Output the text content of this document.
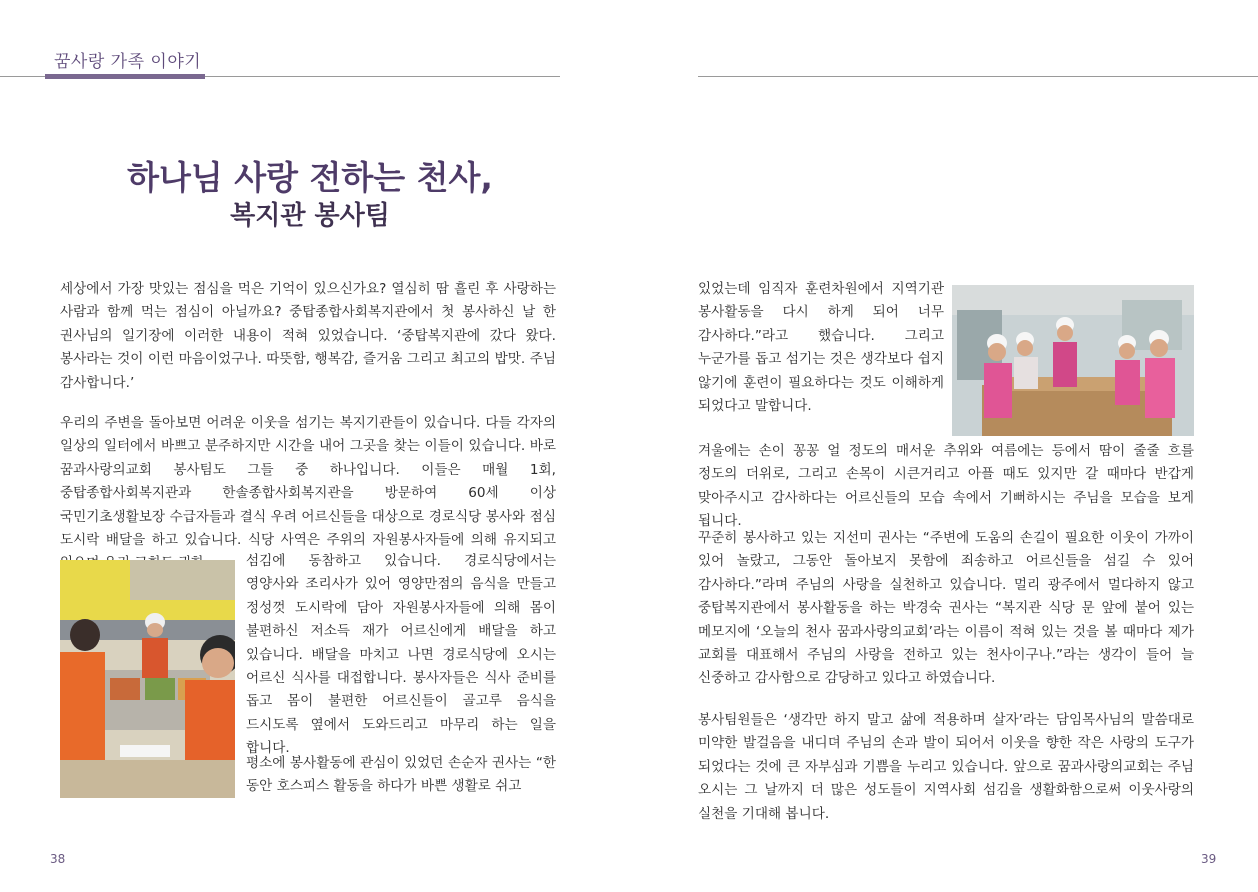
꿈사랑 가족 이야기
하나님 사랑 전하는 천사,
복지관 봉사팀

세상에서 가장 맛있는 점심을 먹은 기억이 있으신가요? 열심히 땀 흘린 후 사랑하는 사람과 함께 먹는 점심이 아닐까요? 중탑종합사회복지관에서 첫 봉사하신 날 한 권사님의 일기장에 이러한 내용이 적혀 있었습니다. ‘중탑복지관에 갔다 왔다. 봉사라는 것이 이런 마음이었구나. 따뜻함, 행복감, 즐거움 그리고 최고의 밥맛. 주님 감사합니다.’

우리의 주변을 돌아보면 어려운 이웃을 섬기는 복지기관들이 있습니다. 다들 각자의 일상의 일터에서 바쁘고 분주하지만 시간을 내어 그곳을 찾는 이들이 있습니다. 바로 꿈과사랑의교회 봉사팀도 그들 중 하나입니다. 이들은 매월 1회, 중탑종합사회복지관과 한솔종합사회복지관을 방문하여 60세 이상 국민기초생활보장 수급자들과 결식 우려 어르신들을 대상으로 경로식당 봉사와 점심 도시락 배달을 하고 있습니다. 식당 사역은 주위의 자원봉사자들에 의해 유지되고

섬김에 동참하고 있습니다. 경로식당에서는 영양사와 조리사가 있어 영양만점의 음식을 만들고 정성껏 도시락에 담아 자원봉사자들에 의해 몸이 불편하신 저소득 재가 어르신에게 배달을 하고 있습니다. 배달을 마치고 나면 경로식당에 오시는 어르신 식사를 대접합니다. 봉사자들은 식사 준비를 돕고 몸이 불편한 어르신들이 골고루 음식을 드시도록 옆에서 도와드리고 마무리 하는 일을 합니다.

평소에 봉사활동에 관심이 있었던 손순자 권사는 “한 동안 호스피스 활동을 하다가 바쁜 생활로 쉬고

있었는데 임직자 훈련차원에서 지역기관 봉사활동을 다시 하게 되어 너무 감사하다.”라고 했습니다. 그리고 누군가를 돕고 섬기는 것은 생각보다 쉽지 않기에 훈련이 필요하다는 것도 이해하게 되었다고 말합니다.

겨울에는 손이 꽁꽁 얼 정도의 매서운 추위와 여름에는 등에서 땀이 줄줄 흐를 정도의 더위로, 그리고 손목이 시큰거리고 아플 때도 있지만 갈 때마다 반갑게 맞아주시고 감사하다는 어르신들의 모습 속에서 기뻐하시는 주님을 모습을 보게 됩니다.

꾸준히 봉사하고 있는 지선미 권사는 “주변에 도움의 손길이 필요한 이웃이 가까이 있어 놀랐고, 그동안 돌아보지 못함에 죄송하고 어르신들을 섬길 수 있어 감사하다.”라며 주님의 사랑을 실천하고 있습니다. 멀리 광주에서 멀다하지 않고 중탑복지관에서 봉사활동을 하는 박경숙 권사는 “복지관 식당 문 앞에 붙어 있는 메모지에 ‘오늘의 천사 꿈과사랑의교회’라는 이름이 적혀 있는 것을 볼 때마다 제가 교회를 대표해서 주님의 사랑을 전하고 있는 천사이구나.”라는 생각이 들어 늘 신중하고 감사함으로 감당하고 있다고 하였습니다.

봉사팀원들은 ‘생각만 하지 말고 삶에 적용하며 살자’라는 담임목사님의 말씀대로 미약한 발걸음을 내디뎌 주님의 손과 발이 되어서 이웃을 향한 작은 사랑의 도구가 되었다는 것에 큰 자부심과 기쁨을 누리고 있습니다. 앞으로 꿈과사랑의교회는 주님 오시는 그 날까지 더 많은 성도들이 지역사회 섬김을 생활화함으로써 이웃사랑의 실천을 기대해 봅니다.

38	39
